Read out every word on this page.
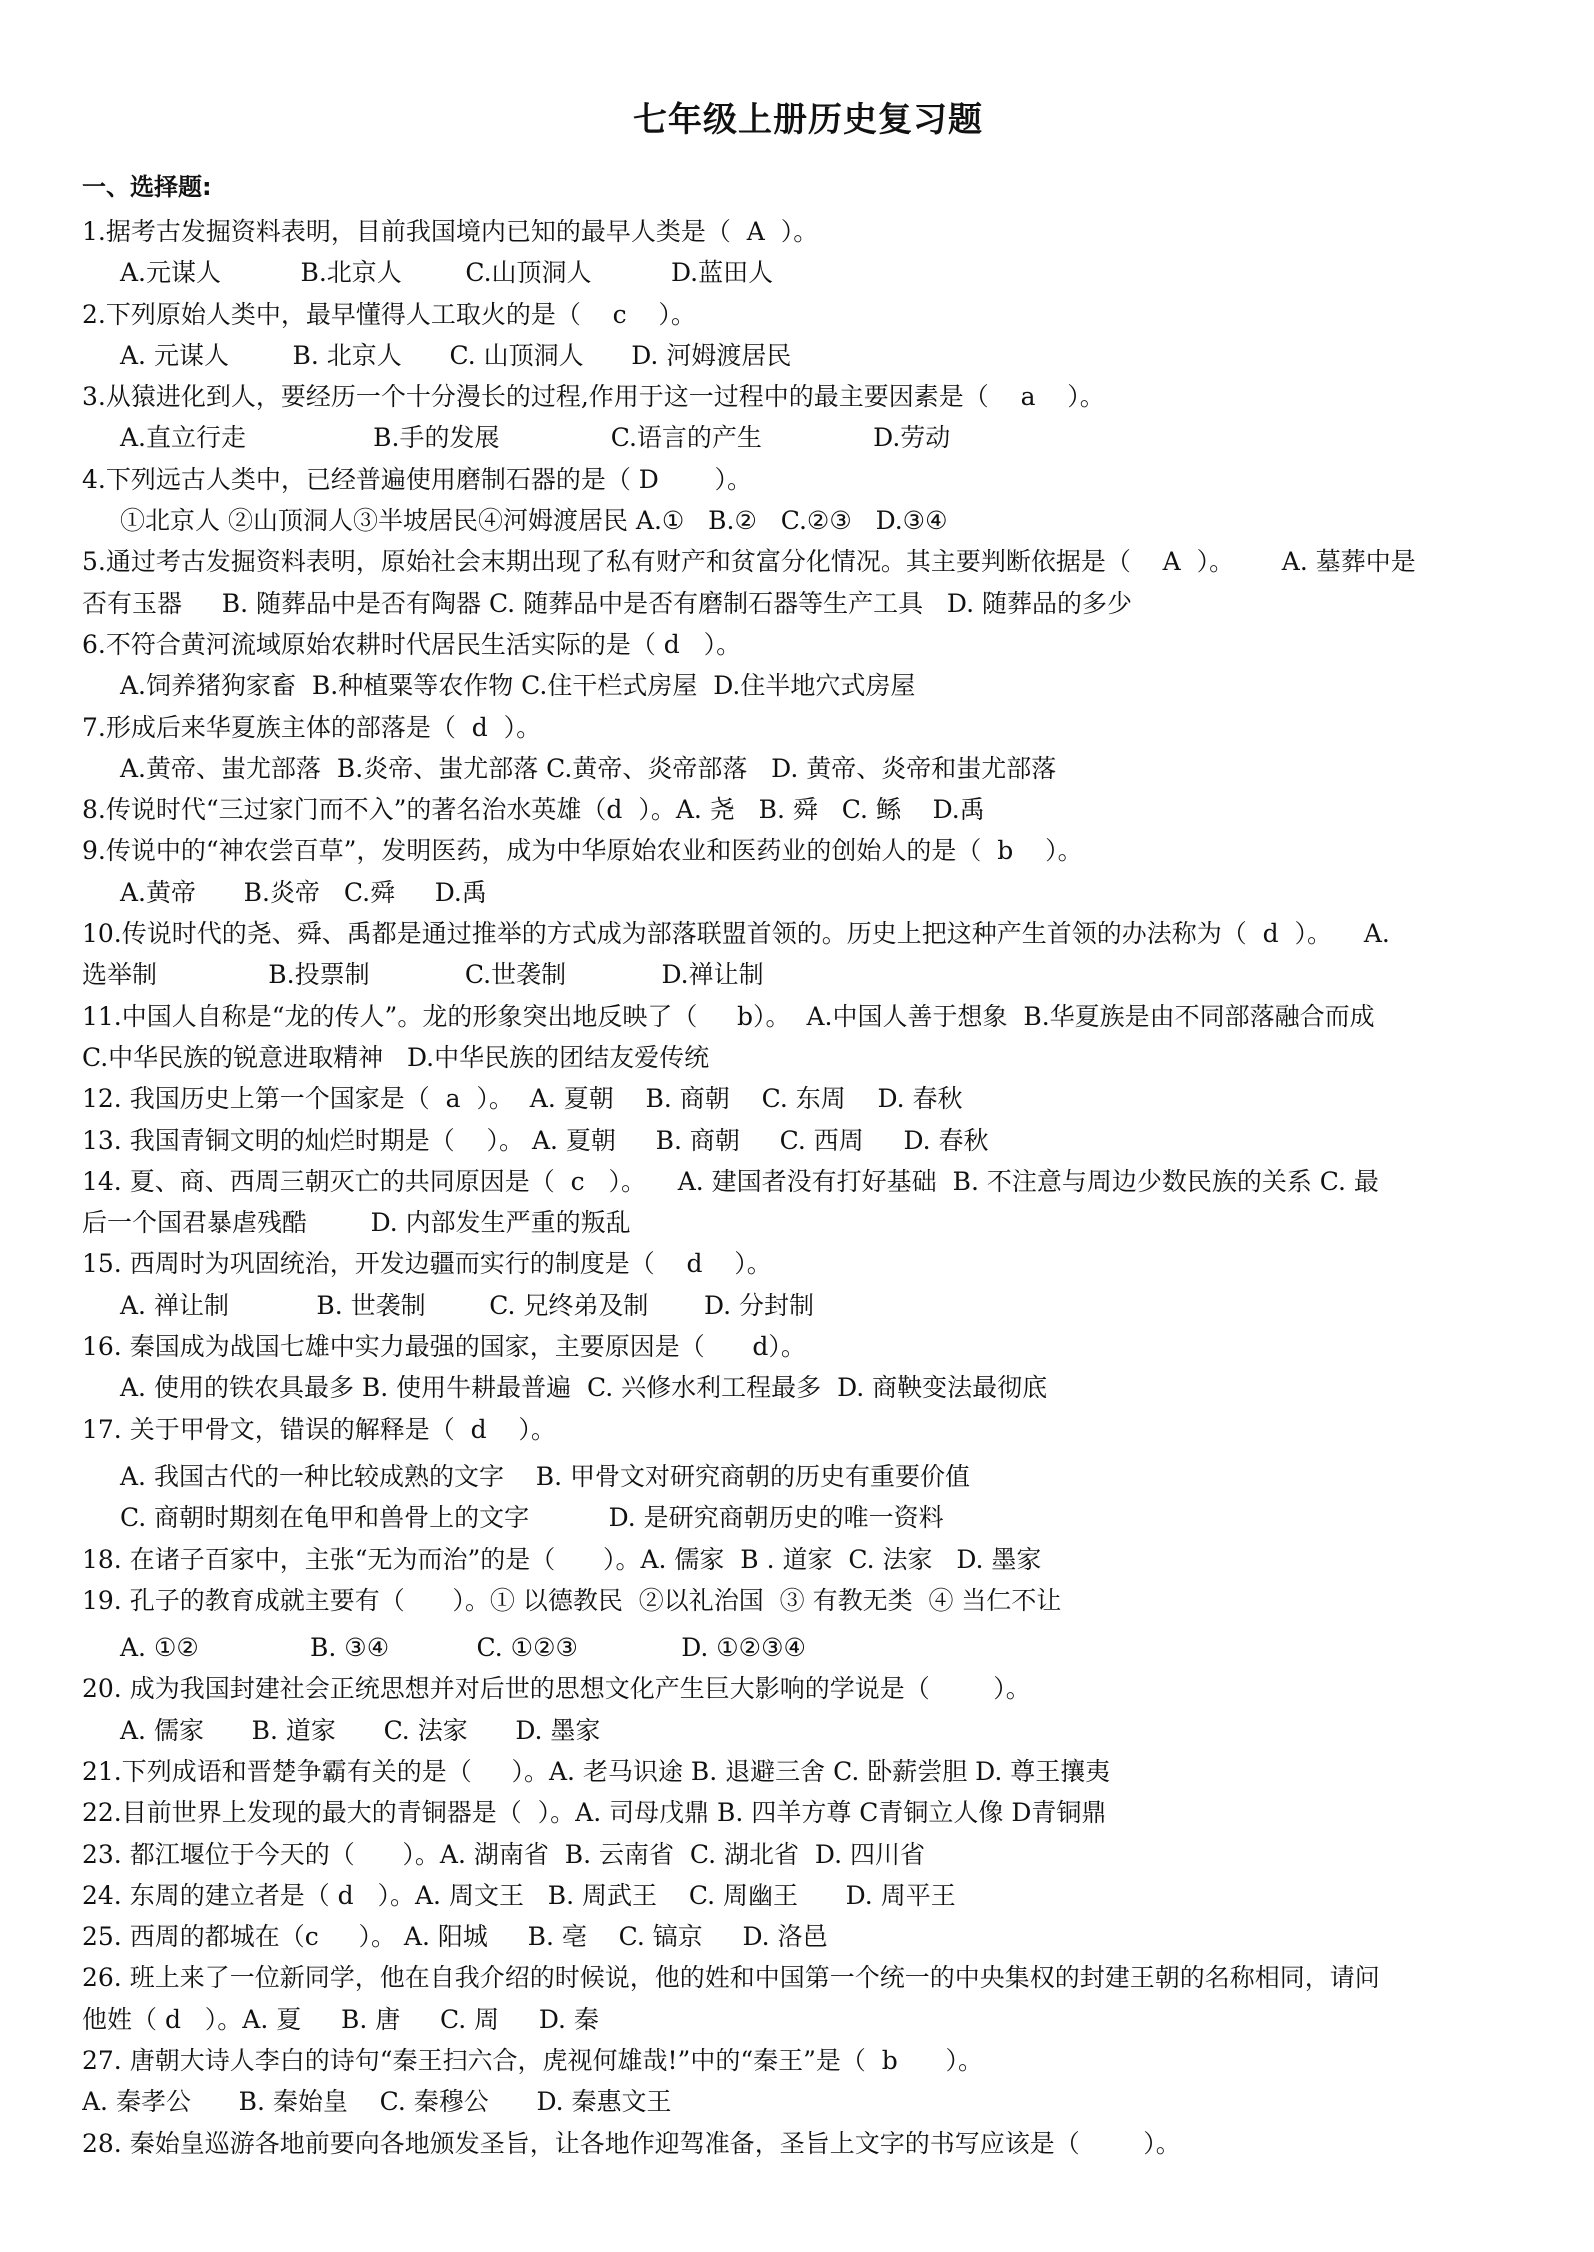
七年级上册历史复习题
一、选择题:
1.据考古发掘资料表明，目前我国境内已知的最早人类是（  A  ）。
A.元谋人          B.北京人        C.山顶洞人          D.蓝田人
2.下列原始人类中，最早懂得人工取火的是（    c    ）。
A. 元谋人        B. 北京人      C. 山顶洞人      D. 河姆渡居民
3.从猿进化到人，要经历一个十分漫长的过程,作用于这一过程中的最主要因素是（    a    ）。
A.直立行走                B.手的发展              C.语言的产生              D.劳动
4.下列远古人类中，已经普遍使用磨制石器的是（ D       ）。
①北京人 ②山顶洞人③半坡居民④河姆渡居民 A.①   B.②   C.②③   D.③④
5.通过考古发掘资料表明，原始社会末期出现了私有财产和贫富分化情况。其主要判断依据是（    A  ）。      A. 墓葬中是
否有玉器     B. 随葬品中是否有陶器 C. 随葬品中是否有磨制石器等生产工具   D. 随葬品的多少
6.不符合黄河流域原始农耕时代居民生活实际的是（ d   ）。
A.饲养猪狗家畜  B.种植粟等农作物 C.住干栏式房屋  D.住半地穴式房屋
7.形成后来华夏族主体的部落是（  d  ）。
A.黄帝、蚩尤部落  B.炎帝、蚩尤部落 C.黄帝、炎帝部落   D. 黄帝、炎帝和蚩尤部落
8.传说时代“三过家门而不入”的著名治水英雄（d  ）。A. 尧   B. 舜   C. 鲧    D.禹
9.传说中的“神农尝百草”，发明医药，成为中华原始农业和医药业的创始人的是（  b    ）。
A.黄帝      B.炎帝   C.舜     D.禹
10.传说时代的尧、舜、禹都是通过推举的方式成为部落联盟首领的。历史上把这种产生首领的办法称为（  d  ）。    A.
选举制              B.投票制            C.世袭制            D.禅让制
11.中国人自称是“龙的传人”。龙的形象突出地反映了（     b）。  A.中国人善于想象  B.华夏族是由不同部落融合而成
C.中华民族的锐意进取精神   D.中华民族的团结友爱传统
12. 我国历史上第一个国家是（  a  ）。  A. 夏朝    B. 商朝    C. 东周    D. 春秋
13. 我国青铜文明的灿烂时期是（    ）。 A. 夏朝     B. 商朝     C. 西周     D. 春秋
14. 夏、商、西周三朝灭亡的共同原因是（  c   ）。    A. 建国者没有打好基础  B. 不注意与周边少数民族的关系 C. 最
后一个国君暴虐残酷        D. 内部发生严重的叛乱
15. 西周时为巩固统治，开发边疆而实行的制度是（    d    ）。
A. 禅让制           B. 世袭制        C. 兄终弟及制       D. 分封制
16. 秦国成为战国七雄中实力最强的国家，主要原因是（      d）。
A. 使用的铁农具最多 B. 使用牛耕最普遍  C. 兴修水利工程最多  D. 商鞅变法最彻底
17. 关于甲骨文，错误的解释是（  d    ）。
A. 我国古代的一种比较成熟的文字    B. 甲骨文对研究商朝的历史有重要价值
C. 商朝时期刻在龟甲和兽骨上的文字          D. 是研究商朝历史的唯一资料
18. 在诸子百家中，主张“无为而治”的是（      ）。A. 儒家  B . 道家  C. 法家   D. 墨家
19. 孔子的教育成就主要有（      ）。① 以德教民  ②以礼治国  ③ 有教无类  ④ 当仁不让
A. ①②              B. ③④           C. ①②③             D. ①②③④
20. 成为我国封建社会正统思想并对后世的思想文化产生巨大影响的学说是（        ）。
A. 儒家      B. 道家      C. 法家      D. 墨家
21.下列成语和晋楚争霸有关的是（     ）。A. 老马识途 B. 退避三舍 C. 卧薪尝胆 D. 尊王攘夷
22.目前世界上发现的最大的青铜器是（  ）。A. 司母戊鼎 B. 四羊方尊 C青铜立人像 D青铜鼎
23. 都江堰位于今天的（      ）。A. 湖南省  B. 云南省  C. 湖北省  D. 四川省
24. 东周的建立者是（ d   ）。A. 周文王   B. 周武王    C. 周幽王      D. 周平王
25. 西周的都城在（c     ）。 A. 阳城     B. 亳    C. 镐京     D. 洛邑
26. 班上来了一位新同学，他在自我介绍的时候说，他的姓和中国第一个统一的中央集权的封建王朝的名称相同，请问
他姓（ d   ）。A. 夏     B. 唐     C. 周     D. 秦
27. 唐朝大诗人李白的诗句“秦王扫六合，虎视何雄哉!”中的“秦王”是（  b      ）。
A. 秦孝公      B. 秦始皇    C. 秦穆公      D. 秦惠文王
28. 秦始皇巡游各地前要向各地颁发圣旨，让各地作迎驾准备，圣旨上文字的书写应该是（        ）。
